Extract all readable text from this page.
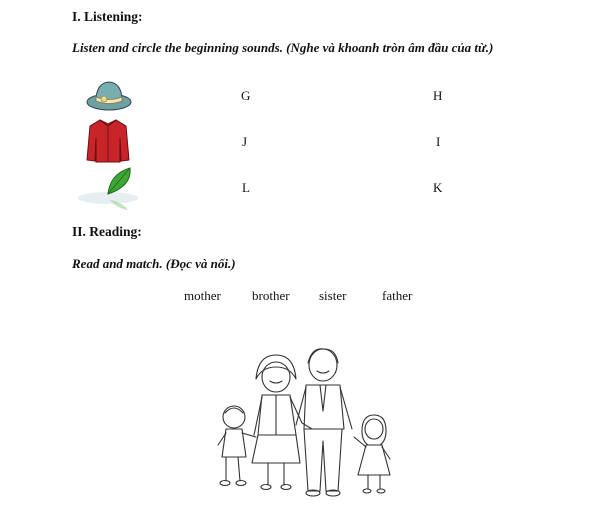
I. Listening:
Listen and circle the beginning sounds. (Nghe và khoanh tròn âm đầu của từ.)
G	H
J	I
L	K
II. Reading:
Read and match. (Đọc và nối.)
mother brother sister	father
